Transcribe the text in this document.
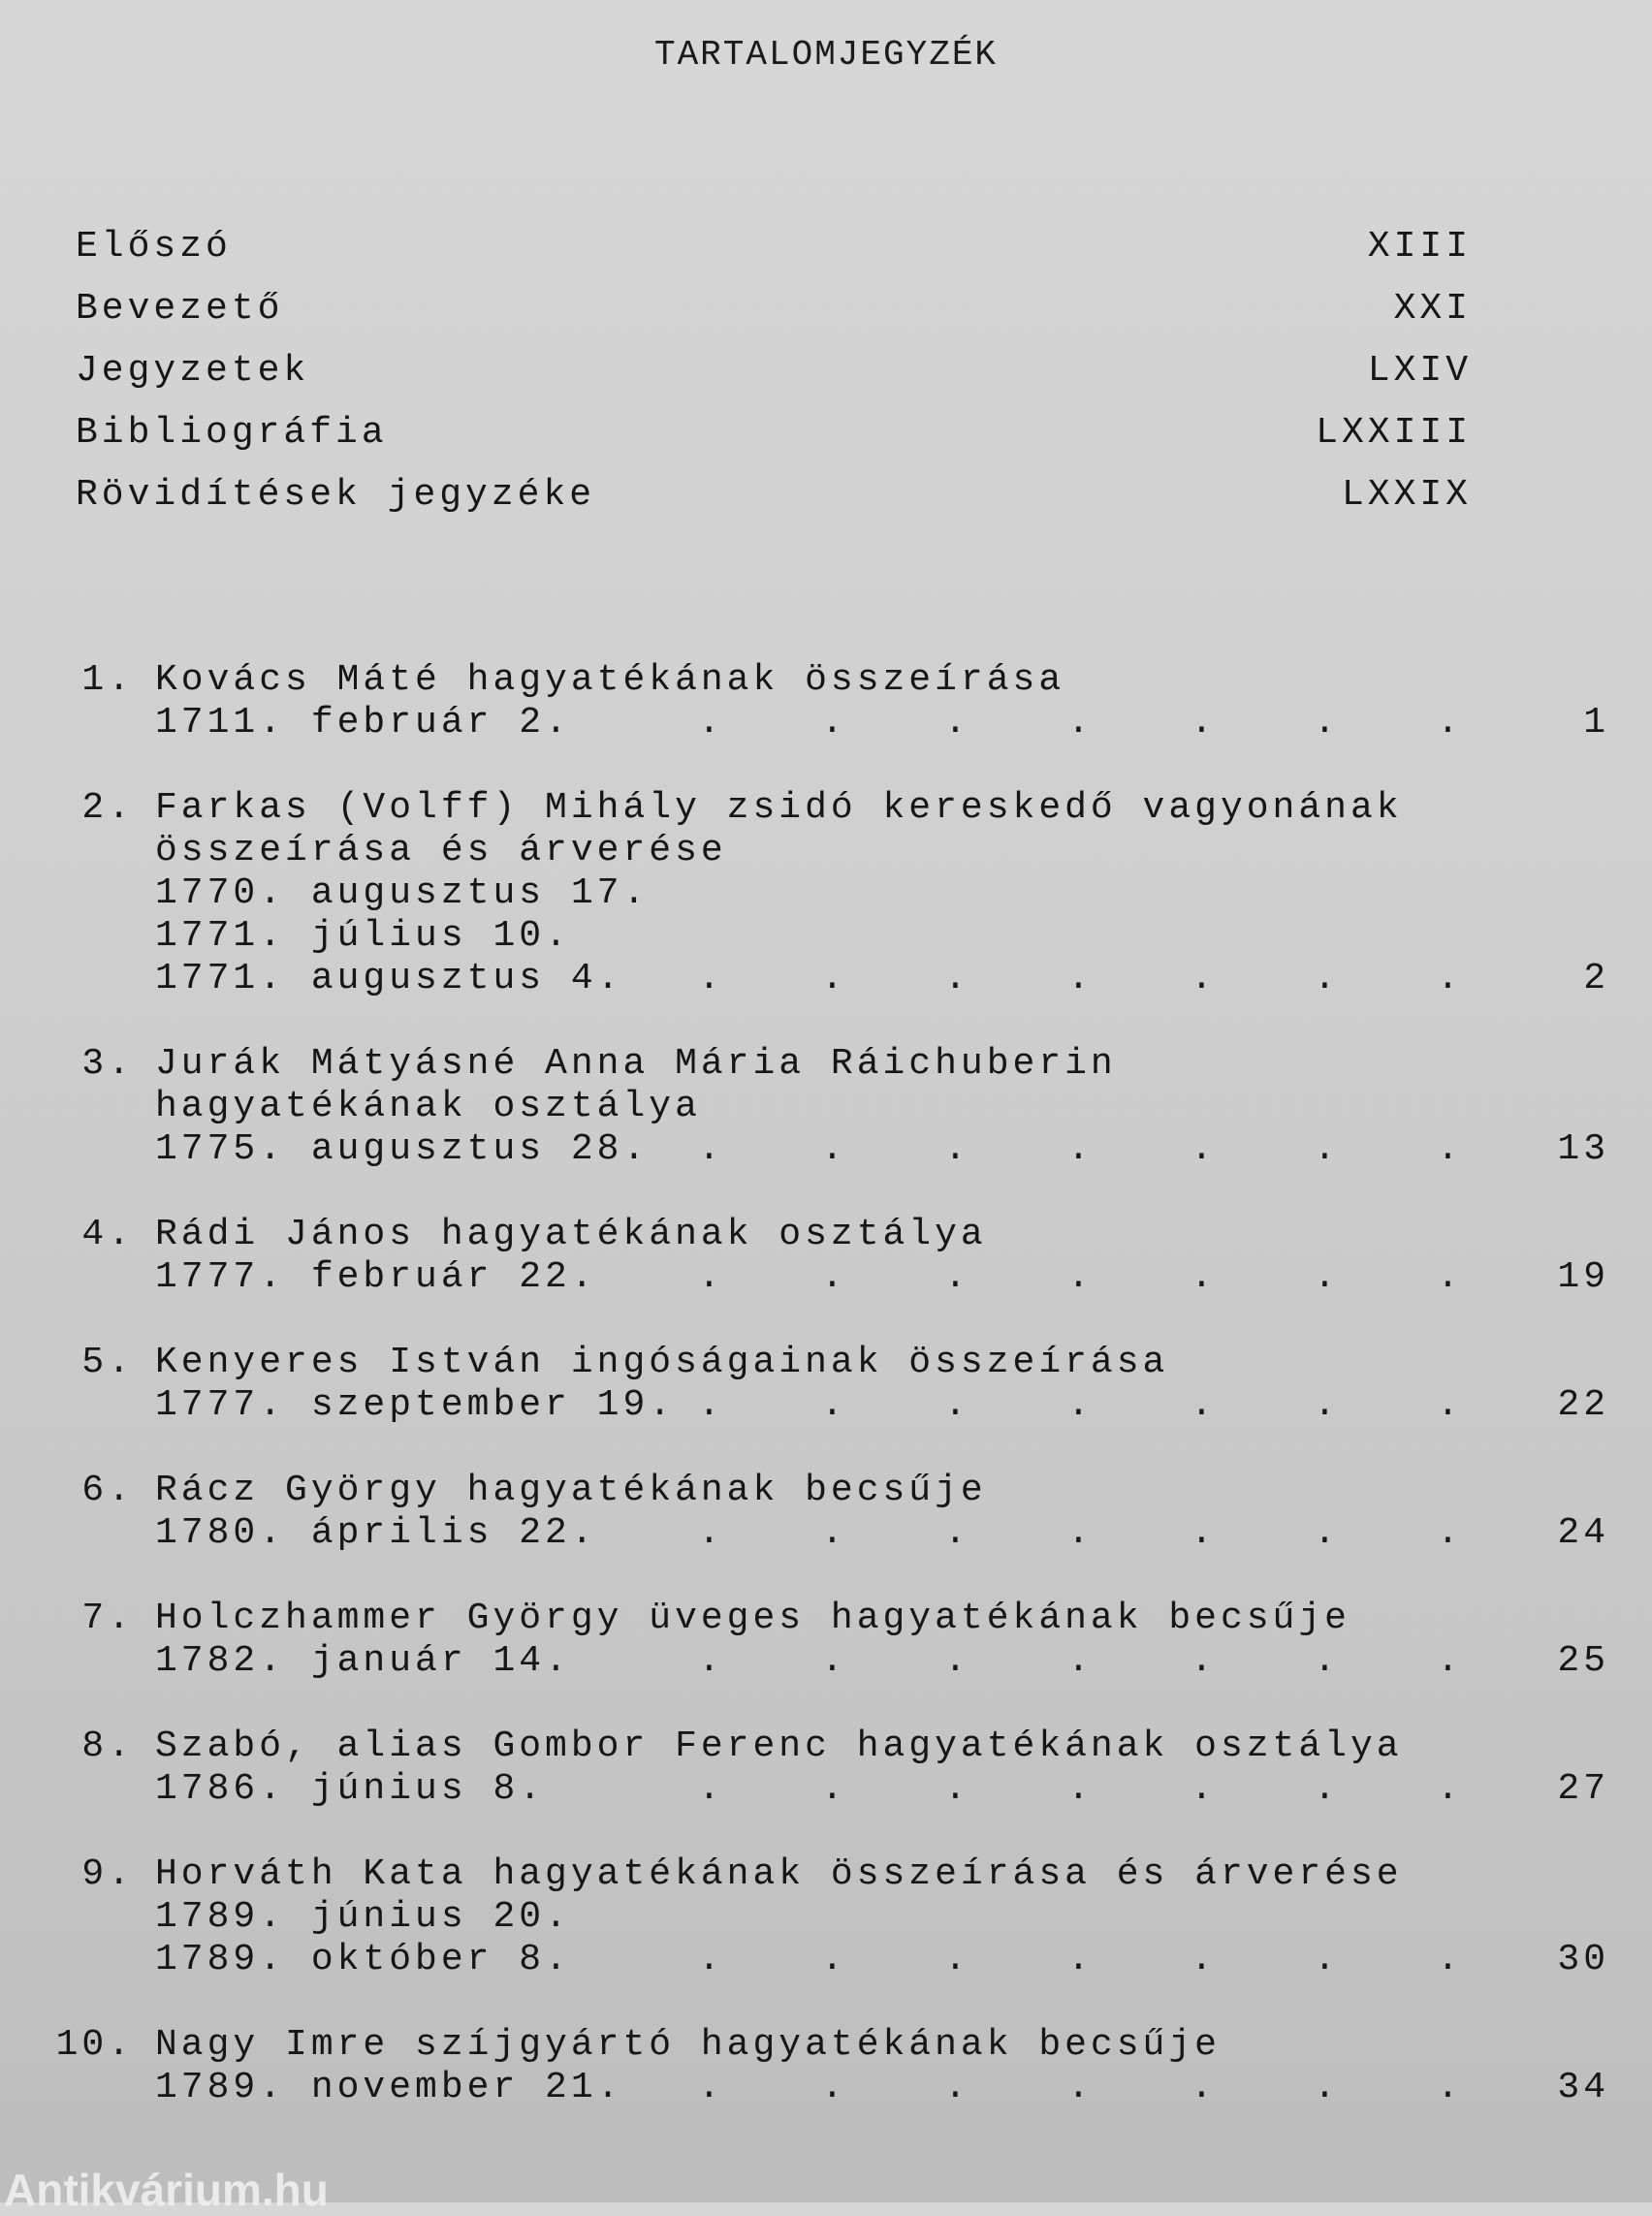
TARTALOMJEGYZÉK
Előszó	XIII
Bevezető	XXI
Jegyzetek	LXIV
Bibliográfia	LXXIII
Rövidítések jegyzéke	LXXIX
1. Kovács Máté hagyatékának összeírása
1711. február 2.	.	.	.	.	.	.	.	1
2. Farkas (Volff) Mihály zsidó kereskedő vagyonának
összeírása és árverése
1770. augusztus 17.
1771. július 10.
1771. augusztus 4.	.	.	.	.	.	.	.	2
3. Jurák Mátyásné Anna Mária Ráichuberin
hagyatékának osztálya
1775. augusztus 28.	.	.	.	.	.	.	.	13
4. Rádi János hagyatékának osztálya
1777. február 22.	.	.	.	.	.	.	.	19
5. Kenyeres István ingóságainak összeírása
1777. szeptember 19. .	.	.	.	.	.	.	22
6. Rácz György hagyatékának becsűje
1780. április 22.	.	.	.	.	.	.	.	24
7. Holczhammer György üveges hagyatékának becsűje
1782. január 14.	.	.	.	.	.	.	.	25
8. Szabó, alias Gombor Ferenc hagyatékának osztálya
1786. június 8.	.	.	.	.	.	.	.	27
9. Horváth Kata hagyatékának összeírása és árverése
1789. június 20.
1789. október 8.	.	.	.	.	.	.	.	30
10. Nagy Imre szíjgyártó hagyatékának becsűje
1789. november 21.	.	.	.	.	.	.	.	34
Antikvárium.hu
